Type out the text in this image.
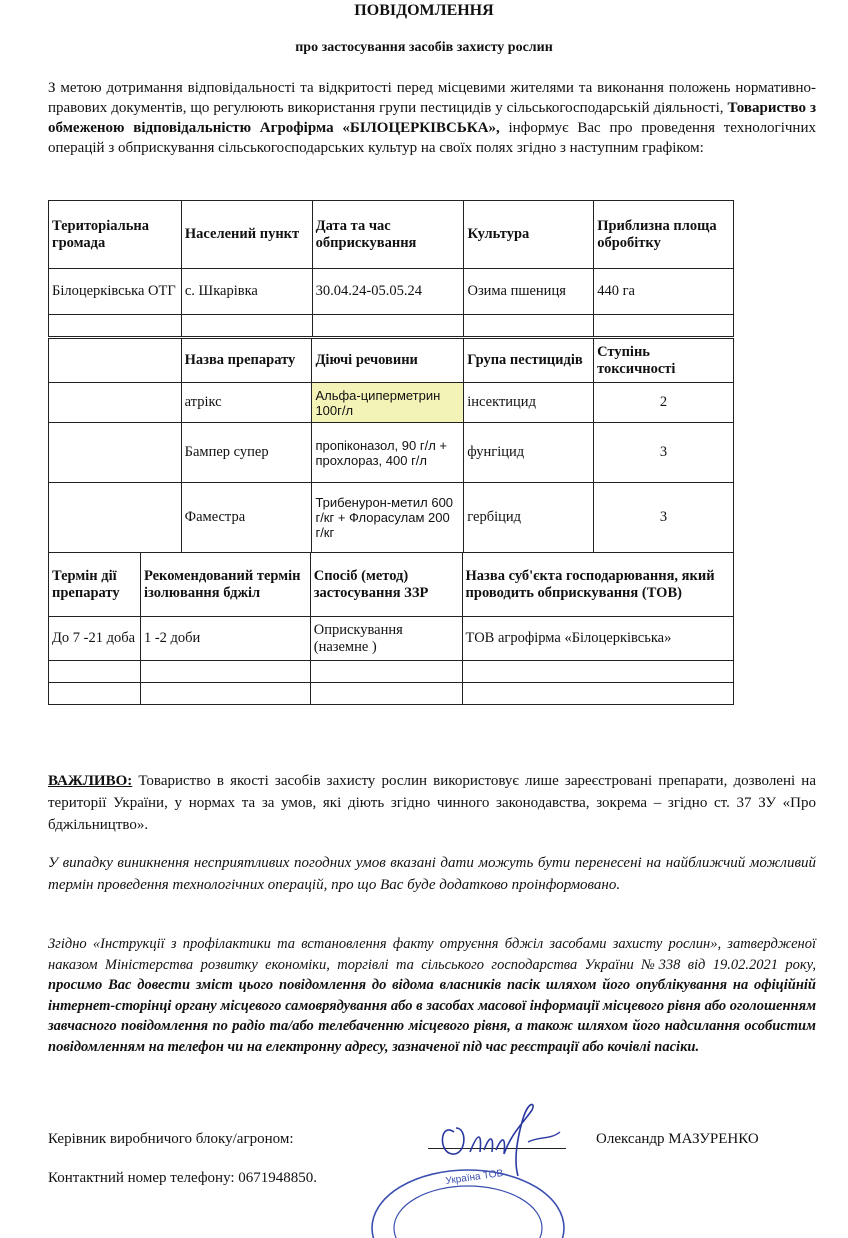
ПОВІДОМЛЕННЯ
про застосування засобів захисту рослин
З метою дотримання відповідальності та відкритості перед місцевими жителями та виконання положень нормативно-правових документів, що регулюють використання групи пестицидів у сільськогосподарській діяльності, Товариство з обмеженою відповідальністю Агрофірма «БІЛОЦЕРКІВСЬКА», інформує Вас про проведення технологічних операцій з обприскування сільськогосподарських культур на своїх полях згідно з наступним графіком:
Територіальна громада	Населений пункт	Дата та час обприскування	Культура	Приблизна площа обробітку
Білоцерківська ОТГ	с. Шкарівка	30.04.24-05.05.24	Озима пшениця	440 га

	Назва препарату	Діючі речовини	Група пестицидів	Ступінь токсичності
	атрікс	Альфа-циперметрин 100г/л	інсектицид	2
	Бампер супер	пропіконазол, 90 г/л + прохлораз, 400 г/л	фунгіцид	3
	Фаместра	Трибенурон-метил 600 г/кг + Флорасулам 200 г/кг	гербіцид	3
Термін дії препарату	Рекомендований термін ізолювання бджіл	Спосіб (метод) застосування ЗЗР	Назва суб'єкта господарювання, який проводить обприскування (ТОВ)
До 7 -21 доба	1 -2 доби	Оприскування (наземне )	ТОВ агрофірма «Білоцерківська»

ВАЖЛИВО: Товариство в якості засобів захисту рослин використовує лише зареєстровані препарати, дозволені на території України, у нормах та за умов, які діють згідно чинного законодавства, зокрема – згідно ст. 37 ЗУ «Про бджільництво».
У випадку виникнення несприятливих погодних умов вказані дати можуть бути перенесені на найближчий можливий термін проведення технологічних операцій, про що Вас буде додатково проінформовано.
Згідно «Інструкції з профілактики та встановлення факту отруєння бджіл засобами захисту рослин», затвердженої наказом Міністерства розвитку економіки, торгівлі та сільського господарства України №338 від 19.02.2021 року, просимо Вас довести зміст цього повідомлення до відома власників пасік шляхом його опублікування на офіційній інтернет-сторінці органу місцевого самоврядування або в засобах масової інформації місцевого рівня або оголошенням завчасного повідомлення по радіо та/або телебаченню місцевого рівня, а також шляхом його надсилання особистим повідомленням на телефон чи на електронну адресу, зазначеної під час реєстрації або кочівлі пасіки.
Керівник виробничого блоку/агроном:	Олександр МАЗУРЕНКО
Контактний номер телефону: 0671948850.	Україна ТОВ
